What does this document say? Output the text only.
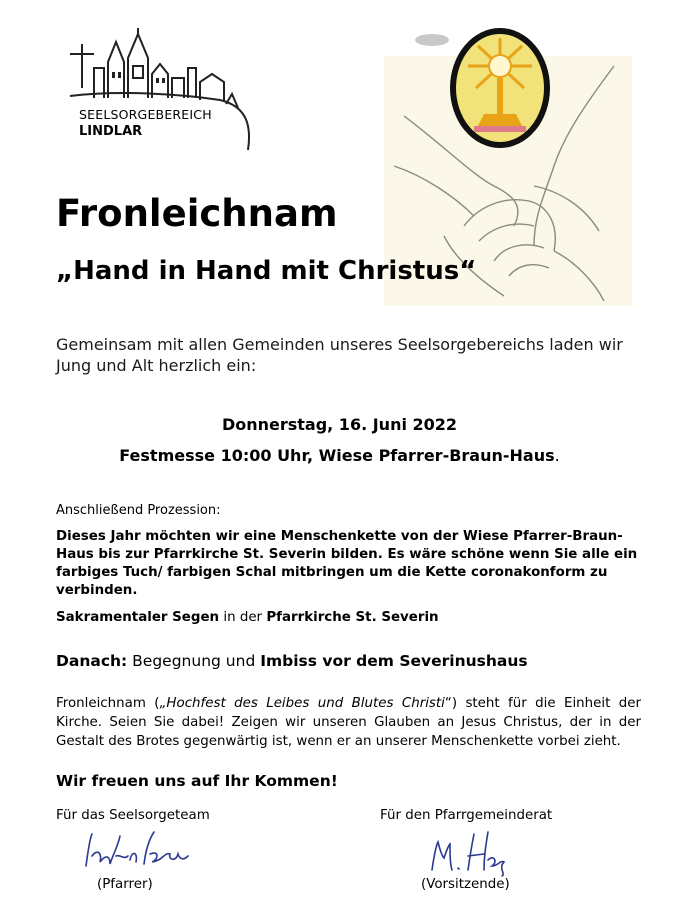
SEELSORGEBEREICH
LINDLAR
Fronleichnam
„Hand in Hand mit Christus“
Gemeinsam mit allen Gemeinden unseres Seelsorgebereichs laden wir Jung und Alt herzlich ein:
Donnerstag, 16. Juni 2022
Festmesse 10:00 Uhr, Wiese Pfarrer-Braun-Haus.
Anschließend Prozession:
Dieses Jahr möchten wir eine Menschenkette von der Wiese Pfarrer-Braun-Haus bis zur Pfarrkirche St. Severin bilden. Es wäre schöne wenn Sie alle ein farbiges Tuch/ farbigen Schal mitbringen um die Kette coronakonform zu verbinden.
Sakramentaler Segen in der Pfarrkirche St. Severin
Danach: Begegnung und Imbiss vor dem Severinushaus
Fronleichnam („Hochfest des Leibes und Blutes Christi“) steht für die Einheit der Kirche. Seien Sie dabei! Zeigen wir unseren Glauben an Jesus Christus, der in der Gestalt des Brotes gegenwärtig ist, wenn er an unserer Menschenkette vorbei zieht.
Wir freuen uns auf Ihr Kommen!
Für das Seelsorgeteam	Für den Pfarrgemeinderat
(Pfarrer)	(Vorsitzende)
